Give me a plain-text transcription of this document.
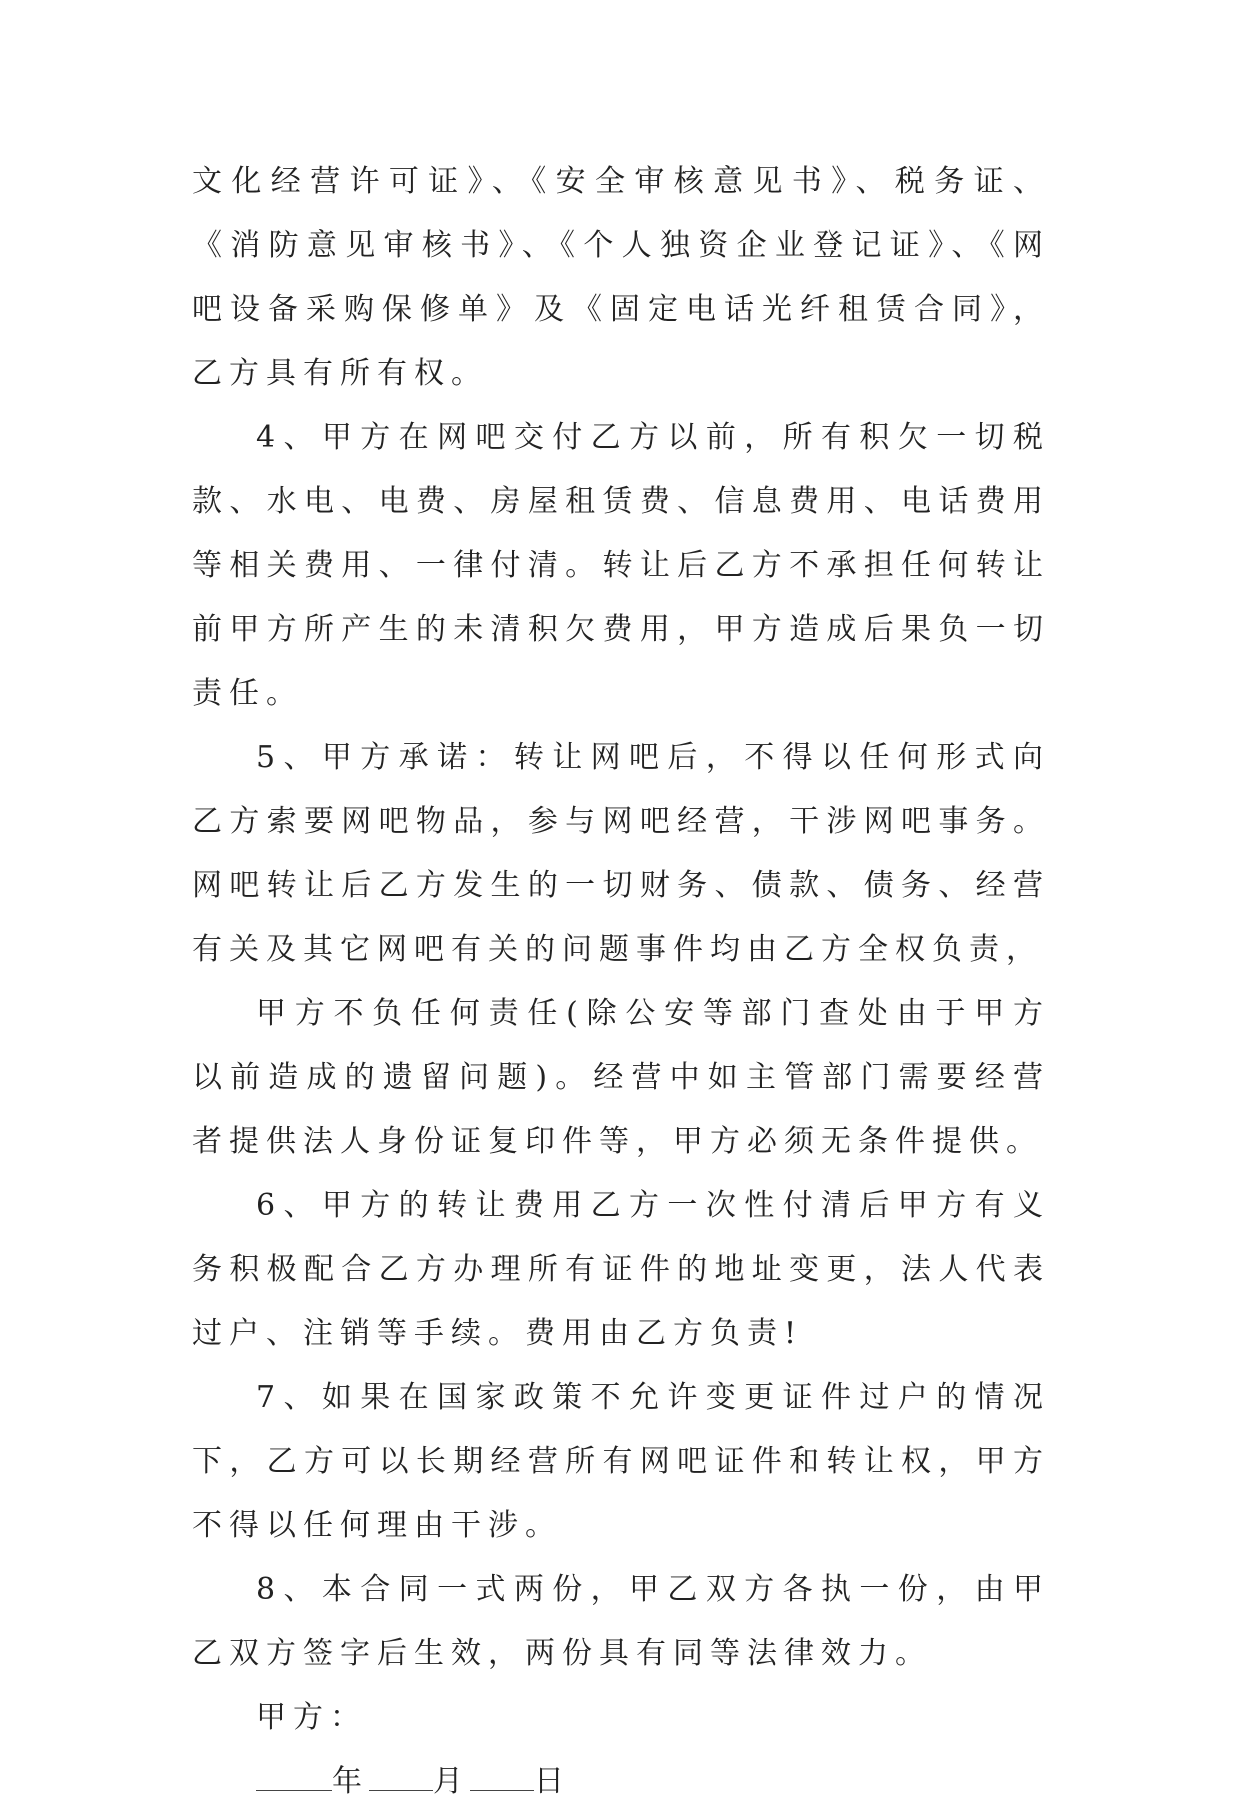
文化经营许可证》、《安全审核意见书》、税务证、《消防意见审核书》、《个人独资企业登记证》、《网吧设备采购保修单》及《固定电话光纤租赁合同》，乙方具有所有权。

4、甲方在网吧交付乙方以前，所有积欠一切税款、水电、电费、房屋租赁费、信息费用、电话费用等相关费用、一律付清。转让后乙方不承担任何转让前甲方所产生的未清积欠费用，甲方造成后果负一切责任。

5、甲方承诺：转让网吧后，不得以任何形式向乙方索要网吧物品，参与网吧经营，干涉网吧事务。网吧转让后乙方发生的一切财务、债款、债务、经营有关及其它网吧有关的问题事件均由乙方全权负责，

甲方不负任何责任(除公安等部门查处由于甲方以前造成的遗留问题)。经营中如主管部门需要经营者提供法人身份证复印件等，甲方必须无条件提供。

6、甲方的转让费用乙方一次性付清后甲方有义务积极配合乙方办理所有证件的地址变更，法人代表过户、注销等手续。费用由乙方负责!

7、如果在国家政策不允许变更证件过户的情况下，乙方可以长期经营所有网吧证件和转让权，甲方不得以任何理由干涉。

8、本合同一式两份，甲乙双方各执一份，由甲乙双方签字后生效，两份具有同等法律效力。

甲方：

年 月 日
